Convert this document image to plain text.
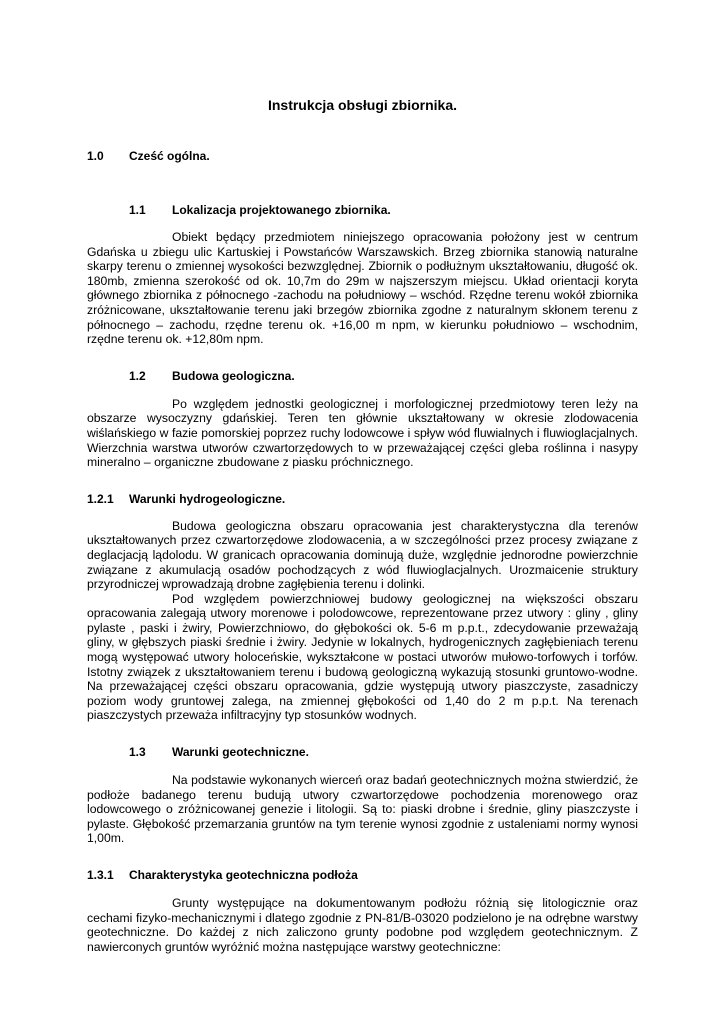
Instrukcja obsługi zbiornika.
1.0	Cześć ogólna.
1.1	Lokalizacja projektowanego zbiornika.

Obiekt będący przedmiotem niniejszego opracowania położony jest w centrum Gdańska u zbiegu ulic Kartuskiej i Powstańców Warszawskich. Brzeg zbiornika stanowią naturalne skarpy terenu o zmiennej wysokości bezwzględnej. Zbiornik o podłużnym ukształtowaniu, długość ok. 180mb, zmienna szerokość od ok. 10,7m do 29m w najszerszym miejscu. Układ orientacji koryta głównego zbiornika z północnego -zachodu na południowy – wschód. Rzędne terenu wokół zbiornika zróżnicowane, ukształtowanie terenu jaki brzegów zbiornika zgodne z naturalnym skłonem terenu z północnego – zachodu, rzędne terenu ok. +16,00 m npm, w kierunku południowo – wschodnim, rzędne terenu ok. +12,80m npm.

1.2	Budowa geologiczna.

Po względem jednostki geologicznej i morfologicznej przedmiotowy teren leży na obszarze wysoczyzny gdańskiej. Teren ten głównie ukształtowany w okresie zlodowacenia wiślańskiego w fazie pomorskiej poprzez ruchy lodowcowe i spływ wód fluwialnych i fluwioglacjalnych. Wierzchnia warstwa utworów czwartorzędowych to w przeważającej części gleba roślinna i nasypy mineralno – organiczne zbudowane z piasku próchnicznego.

1.2.1	Warunki hydrogeologiczne.

Budowa geologiczna obszaru opracowania jest charakterystyczna dla terenów ukształtowanych przez czwartorzędowe zlodowacenia, a w szczególności przez procesy związane z deglacjacją lądolodu. W granicach opracowania dominują duże, względnie jednorodne powierzchnie związane z akumulacją osadów pochodzących z wód fluwioglacjalnych. Urozmaicenie struktury przyrodniczej wprowadzają drobne zagłębienia terenu i dolinki.

Pod względem powierzchniowej budowy geologicznej na większości obszaru opracowania zalegają utwory morenowe i polodowcowe, reprezentowane przez utwory : gliny , gliny pylaste , paski i żwiry, Powierzchniowo, do głębokości ok. 5-6 m p.p.t., zdecydowanie przeważają gliny, w głębszych piaski średnie i żwiry. Jedynie w lokalnych, hydrogenicznych zagłębieniach terenu mogą występować utwory holoceńskie, wykształcone w postaci utworów mułowo-torfowych i torfów. Istotny związek z ukształtowaniem terenu i budową geologiczną wykazują stosunki gruntowo-wodne. Na przeważającej części obszaru opracowania, gdzie występują utwory piaszczyste, zasadniczy poziom wody gruntowej zalega, na zmiennej głębokości od 1,40 do 2 m p.p.t. Na terenach piaszczystych przeważa infiltracyjny typ stosunków wodnych.

1.3	Warunki geotechniczne.

Na podstawie wykonanych wierceń oraz badań geotechnicznych można stwierdzić, że podłoże badanego terenu budują utwory czwartorzędowe pochodzenia morenowego oraz lodowcowego o zróżnicowanej genezie i litologii. Są to: piaski drobne i średnie, gliny piaszczyste i pylaste. Głębokość przemarzania gruntów na tym terenie wynosi zgodnie z ustaleniami normy wynosi 1,00m.

1.3.1	Charakterystyka geotechniczna podłoża

Grunty występujące na dokumentowanym podłożu różnią się litologicznie oraz cechami fizyko-mechanicznymi i dlatego zgodnie z PN-81/B-03020 podzielono je na odrębne warstwy geotechniczne. Do każdej z nich zaliczono grunty podobne pod względem geotechnicznym. Z nawierconych gruntów wyróżnić można następujące warstwy geotechniczne:
